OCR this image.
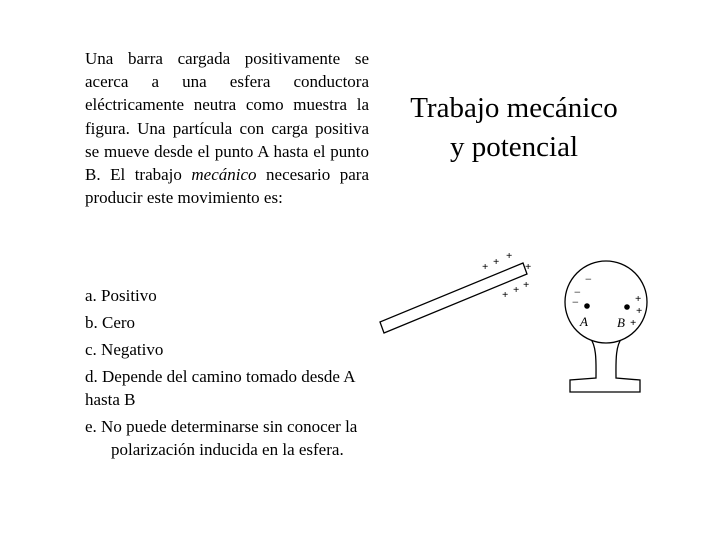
Una barra cargada positivamente se acerca a una esfera conductora eléctricamente neutra como muestra la figura. Una partícula con carga positiva se mueve desde el punto A hasta el punto B. El trabajo mecánico necesario para producir este movimiento es:
a. Positivo
b. Cero
c. Negativo
d. Depende del camino tomado desde A hasta B
e. No puede determinarse sin conocer la polarización inducida en la esfera.
Trabajo mecánico
y potencial
+ + +
+
+ + +	−
−
−	+
+
+
A B
